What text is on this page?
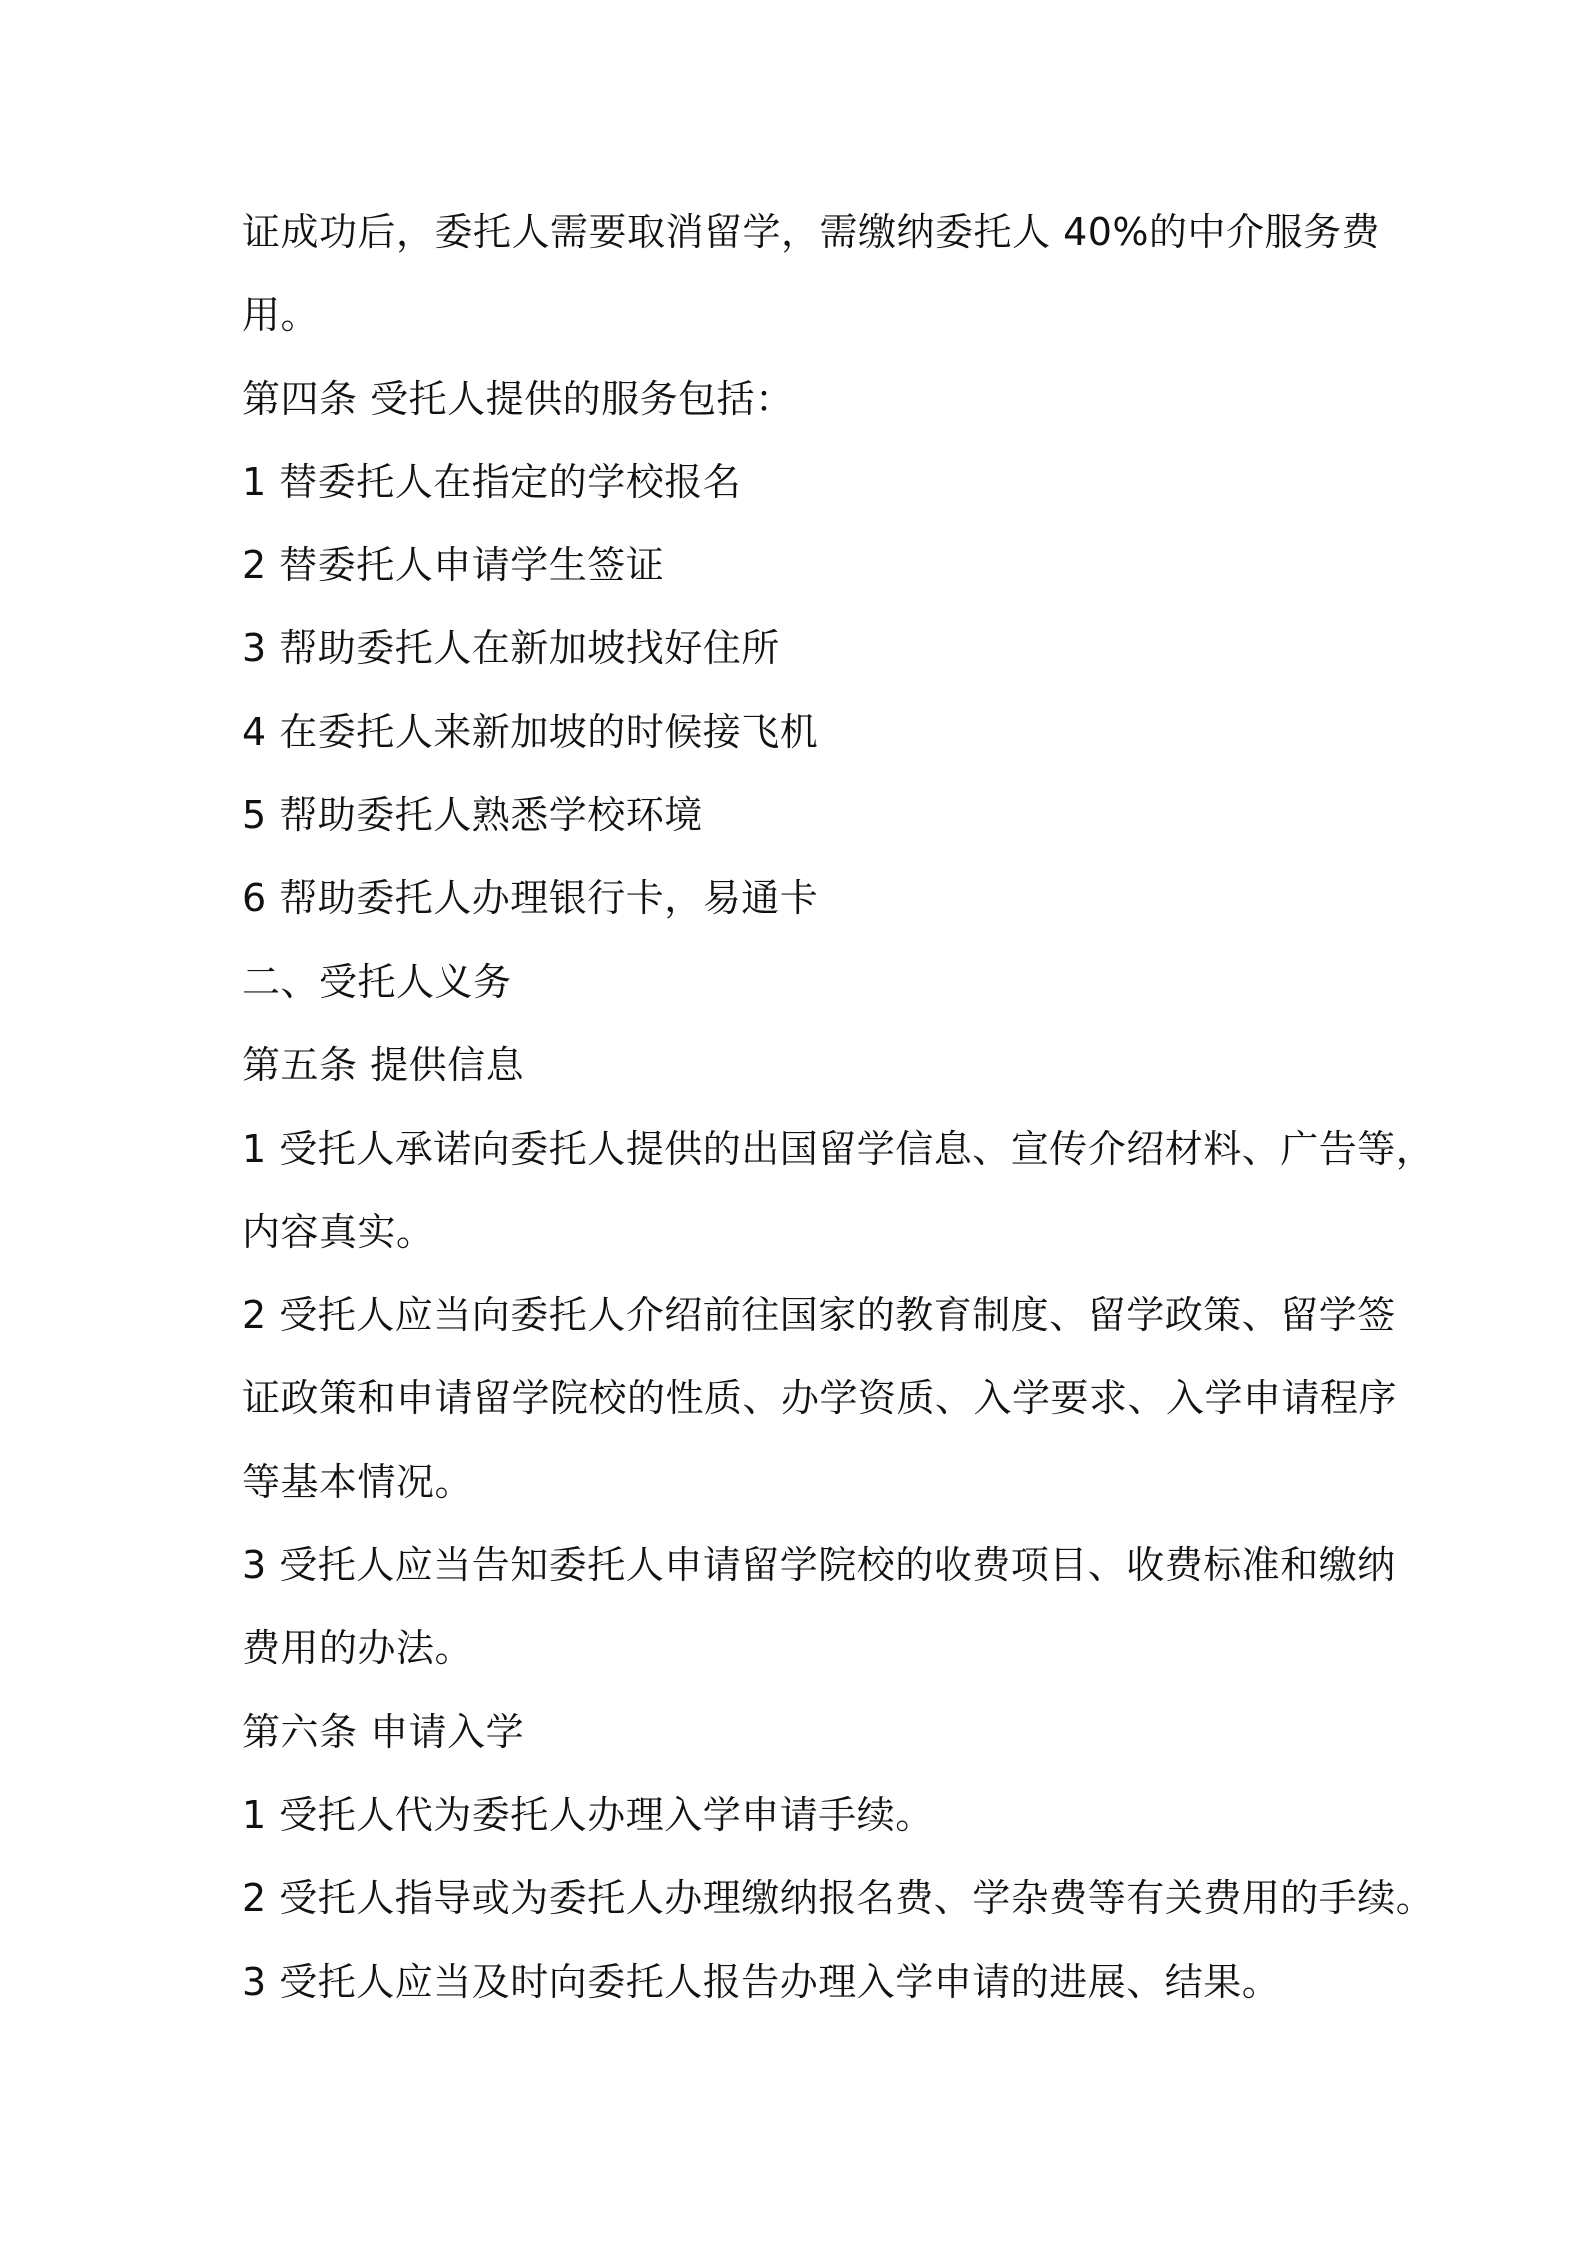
证成功后，委托人需要取消留学，需缴纳委托人 40%的中介服务费
用。
第四条 受托人提供的服务包括：
1 替委托人在指定的学校报名
2 替委托人申请学生签证
3 帮助委托人在新加坡找好住所
4 在委托人来新加坡的时候接飞机
5 帮助委托人熟悉学校环境
6 帮助委托人办理银行卡，易通卡
二、受托人义务
第五条 提供信息
1 受托人承诺向委托人提供的出国留学信息、宣传介绍材料、广告等，
内容真实。
2 受托人应当向委托人介绍前往国家的教育制度、留学政策、留学签
证政策和申请留学院校的性质、办学资质、入学要求、入学申请程序
等基本情况。
3 受托人应当告知委托人申请留学院校的收费项目、收费标准和缴纳
费用的办法。
第六条 申请入学
1 受托人代为委托人办理入学申请手续。
2 受托人指导或为委托人办理缴纳报名费、学杂费等有关费用的手续。
3 受托人应当及时向委托人报告办理入学申请的进展、结果。
